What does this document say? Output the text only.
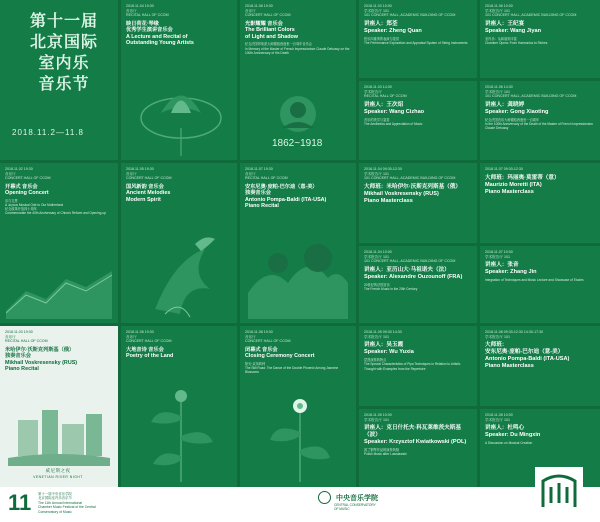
第十一届
北京国际
室内乐
音乐节
2018.11.2—11.8
2018.11.04 19:30
音乐厅
RECITAL HALL OF CCOM
映日荷花·琴缘
优秀学生演讲音乐会
A Lecture and Recital of
Outstanding Young Artists
2018.11.08 19:30
音乐厅
CONCERT HALL OF CCOM
光影耀耀 音乐会
The Brilliant Colors
of Light and Shadow
纪念法国印象派大师德彪西逝世一百周年音乐会
In Memory of the Master of French Impressionism Claude Debussy on the 100th Anniversary of His Death
1862~1918
2018.11.03 10:00
学术报告厅 101
101 CONCERT HALL, ACADEMIC BUILDING OF CCOM
讲座人：郑荃
Speaker: Zheng Quan
弦乐四重奏的表演与鉴赏
The Performance Exploration and Appraisal System of String Instruments
2018.11.06 10:00
学术报告厅 101
101 CONCERT HALL, ACADEMIC BUILDING OF CCOM
讲座人：王纪宴
Speaker: Wang Jiyan
室内乐：从和谐到丰富
Chamber Opera: From Harmonics to Riches
2018.11.03 14:30
学术报告厅
RECITAL HALL OF CCOM
讲座人：王次炤
Speaker: Wang Cizhao
音乐的美学与鉴赏
The Aesthetics and Appreciation of Music
2018.11.06 14:30
学术报告厅 101
101 CONCERT HALL, ACADEMIC BUILDING OF CCOM
讲座人：龚晓婷
Speaker: Gong Xiaoting
纪念法国音乐大师德彪西逝世一百周年
In the 100th Anniversary of the Death of the Master of French Impressionism Claude Debussy
2018.11.02 19:30
音乐厅
CONCERT HALL OF CCOM
开幕式 音乐会
Opening Concert
乐与礼赞
A Joyous Musical Ode to Our Motherland
纪念改革开放四十周年
Commemorate the 40th Anniversary of China's Reform and Opening-up
2018.11.05 19:30
音乐厅
CONCERT HALL OF CCOM
国风新韵 音乐会
Ancient Melodies
Modern Spirit
2018.11.07 19:30
音乐厅
RECITAL HALL OF CCOM
安东尼奥·庞帕-巴尔迪（意-美）
独奏音乐会
Antonio Pompa-Baldi (ITA-USA)
Piano Recital
2018.11.04 09:30-12:30
学术报告厅 101
101 CONCERT HALL, ACADEMIC BUILDING OF CCOM
大师班：米哈伊尔·沃斯克列斯基（俄）
Mikhail Voskresensky (RUS)
Piano Masterclass
2018.11.07 09:30-12:30
大师班：玛丽奥·莫雷蒂（意）
Maurizio Moretti (ITA)
Piano Masterclass
2018.11.04 10:00
学术报告厅 101
101 CONCERT HALL, ACADEMIC BUILDING OF CCOM
讲座人：亚历山大·马祖诺夫（法）
Speaker: Alexandre Ouzounoff (FRA)
20世纪的法国音乐
The French Music in the 20th Century
2018.11.07 10:00
学术报告厅 101
讲座人：张音
Speaker: Zhang Jin
Integration of Techniques and Music Lecture and Showcase of Etudes
2018.11.03 19:30
音乐厅
RECITAL HALL OF CCOM
米哈伊尔·沃斯克列斯基（俄）
独奏音乐会
Mikhail Voskresensky (RUS)
Piano Recital
威尼斯之夜
VENETIAN RIVER NIGHT
2018.11.06 19:30
音乐厅
CONCERT HALL OF CCOM
大地音诗 音乐会
Poetry of the Land
2018.11.08 19:30
音乐厅
CONCERT HALL OF CCOM
闭幕式 音乐会
Closing Ceremony Concert
阳光·双凤鸣钟
The Still Road: The Dance of the Double Phoenix Among Jasmine Blossoms
2018.11.05 09:30 14:30
学术报告厅 101
讲座人：吴玉霞
Speaker: Wu Yuxia
琵琶演奏的特点
The Special Characteristics of Pipa Techniques in Relation to Artistic Thought with Examples from the Repertoire
2018.11.08 09:30-12:30 14:30-17:30
学术报告厅 101
大师班：
安东尼奥·庞帕-巴尔迪（意-美）
Antonio Pompa-Baldi (ITA-USA)
Piano Masterclass
2018.11.05 10:00
学术报告厅 101
讲座人：克日什托夫·科瓦莱维茨夫斯基（波）
Speaker: Krzysztof Kwiatkowski (POL)
波兰钢琴作品的演奏风格
Polish Music after Lutoslawski
2018.11.08 10:00
学术报告厅 101
讲座人：杜鸣心
Speaker: Du Mingxin
A Discussion on Musical Creation
11 第十一届中央音乐学院
北京国际室内乐音乐节
The 11th Annual International
Chamber Music Festival of the Central Conservatory of Music
中央音乐学院
CENTRAL CONSERVATORY
OF MUSIC
